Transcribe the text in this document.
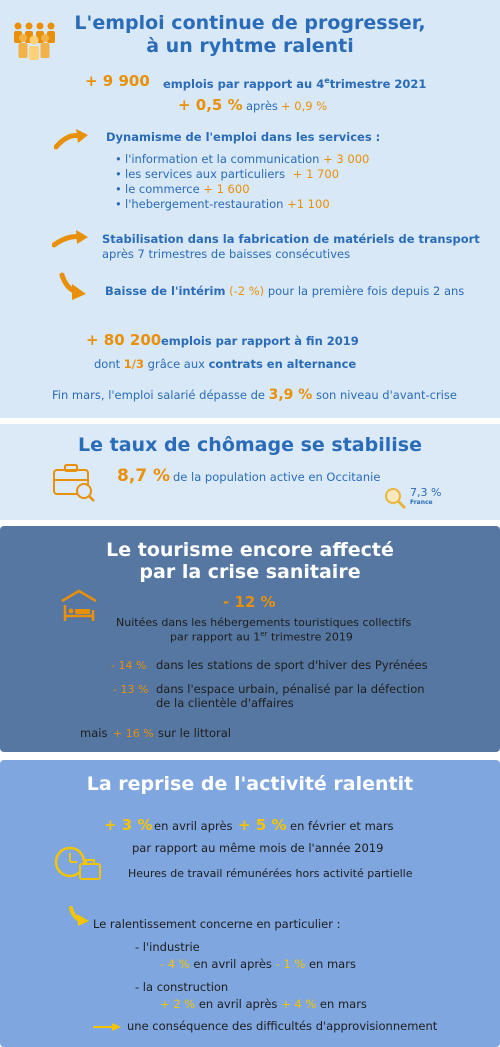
L'emploi continue de progresser,
à un ryhtme ralenti
+ 9 900 emplois par rapport au 4etrimestre 2021
+ 0,5 % après + 0,9 %
Dynamisme de l'emploi dans les services :
• l'information et la communication + 3 000
• les services aux particuliers + 1 700
• le commerce + 1 600
• l'hebergement-restauration +1 100
Stabilisation dans la fabrication de matériels de transport
après 7 trimestres de baisses consécutives
Baisse de l'intérim (-2 %) pour la première fois depuis 2 ans
+ 80 200 emplois par rapport à fin 2019
dont 1/3 grâce aux contrats en alternance
Fin mars, l'emploi salarié dépasse de 3,9 % son niveau d'avant-crise
Le taux de chômage se stabilise
8,7 % de la population active en Occitanie
7,3 %
France
Le tourisme encore affecté
par la crise sanitaire
- 12 %
Nuitées dans les hébergements touristiques collectifs
par rapport au 1er trimestre 2019
- 14 % dans les stations de sport d'hiver des Pyrénées
- 13 % dans l'espace urbain, pénalisé par la défection
de la clientèle d'affaires
mais + 16 % sur le littoral
La reprise de l'activité ralentit
+ 3 % en avril après + 5 % en février et mars
par rapport au même mois de l'année 2019
Heures de travail rémunérées hors activité partielle
Le ralentissement concerne en particulier :
- l'industrie
- 4 % en avril après - 1 % en mars
- la construction
+ 2 % en avril après + 4 % en mars
une conséquence des difficultés d'approvisionnement
